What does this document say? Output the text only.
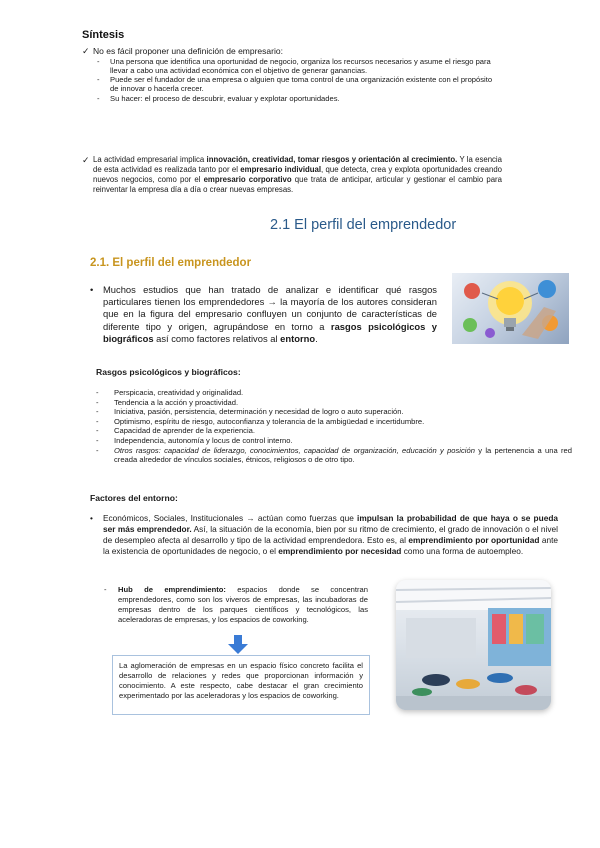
Síntesis
✓ No es fácil proponer una definición de empresario:
- Una persona que identifica una oportunidad de negocio, organiza los recursos necesarios y asume el riesgo para llevar a cabo una actividad económica con el objetivo de generar ganancias.
- Puede ser el fundador de una empresa o alguien que toma control de una organización existente con el propósito de innovar o hacerla crecer.
- Su hacer: el proceso de descubrir, evaluar y explotar oportunidades.
✓ La actividad empresarial implica innovación, creatividad, tomar riesgos y orientación al crecimiento. Y la esencia de esta actividad es realizada tanto por el empresario individual, que detecta, crea y explota oportunidades creando nuevos negocios, como por el empresario corporativo que trata de anticipar, articular y gestionar el cambio para reinventar la empresa día a día o crear nuevas empresas.
2.1 El perfil del emprendedor
2.1. El perfil del emprendedor
• Muchos estudios que han tratado de analizar e identificar qué rasgos particulares tienen los emprendedores → la mayoría de los autores consideran que en la figura del empresario confluyen un conjunto de características de diferente tipo y origen, agrupándose en torno a rasgos psicológicos y biográficos así como factores relativos al entorno.
Rasgos psicológicos y biográficos:
- Perspicacia, creatividad y originalidad.
- Tendencia a la acción y proactividad.
- Iniciativa, pasión, persistencia, determinación y necesidad de logro o auto superación.
- Optimismo, espíritu de riesgo, autoconfianza y tolerancia de la ambigüedad e incertidumbre.
- Capacidad de aprender de la experiencia.
- Independencia, autonomía y locus de control interno.
- Otros rasgos: capacidad de liderazgo, conocimientos, capacidad de organización, educación y posición y la pertenencia a una red creada alrededor de vínculos sociales, étnicos, religiosos o de otro tipo.
Factores del entorno:
• Económicos, Sociales, Institucionales → actúan como fuerzas que impulsan la probabilidad de que haya o se pueda ser más emprendedor. Así, la situación de la economía, bien por su ritmo de crecimiento, el grado de innovación o el nivel de desempleo afecta al desarrollo y tipo de la actividad emprendedora. Esto es, al emprendimiento por oportunidad ante la existencia de oportunidades de negocio, o el emprendimiento por necesidad como una forma de autoempleo.
- Hub de emprendimiento: espacios donde se concentran emprendedores, como son los viveros de empresas, las incubadoras de empresas dentro de los parques científicos y tecnológicos, las aceleradoras de empresas, y los espacios de coworking.
La aglomeración de empresas en un espacio físico concreto facilita el desarrollo de relaciones y redes que proporcionan información y conocimiento. A este respecto, cabe destacar el gran crecimiento experimentado por las aceleradoras y los espacios de coworking.
